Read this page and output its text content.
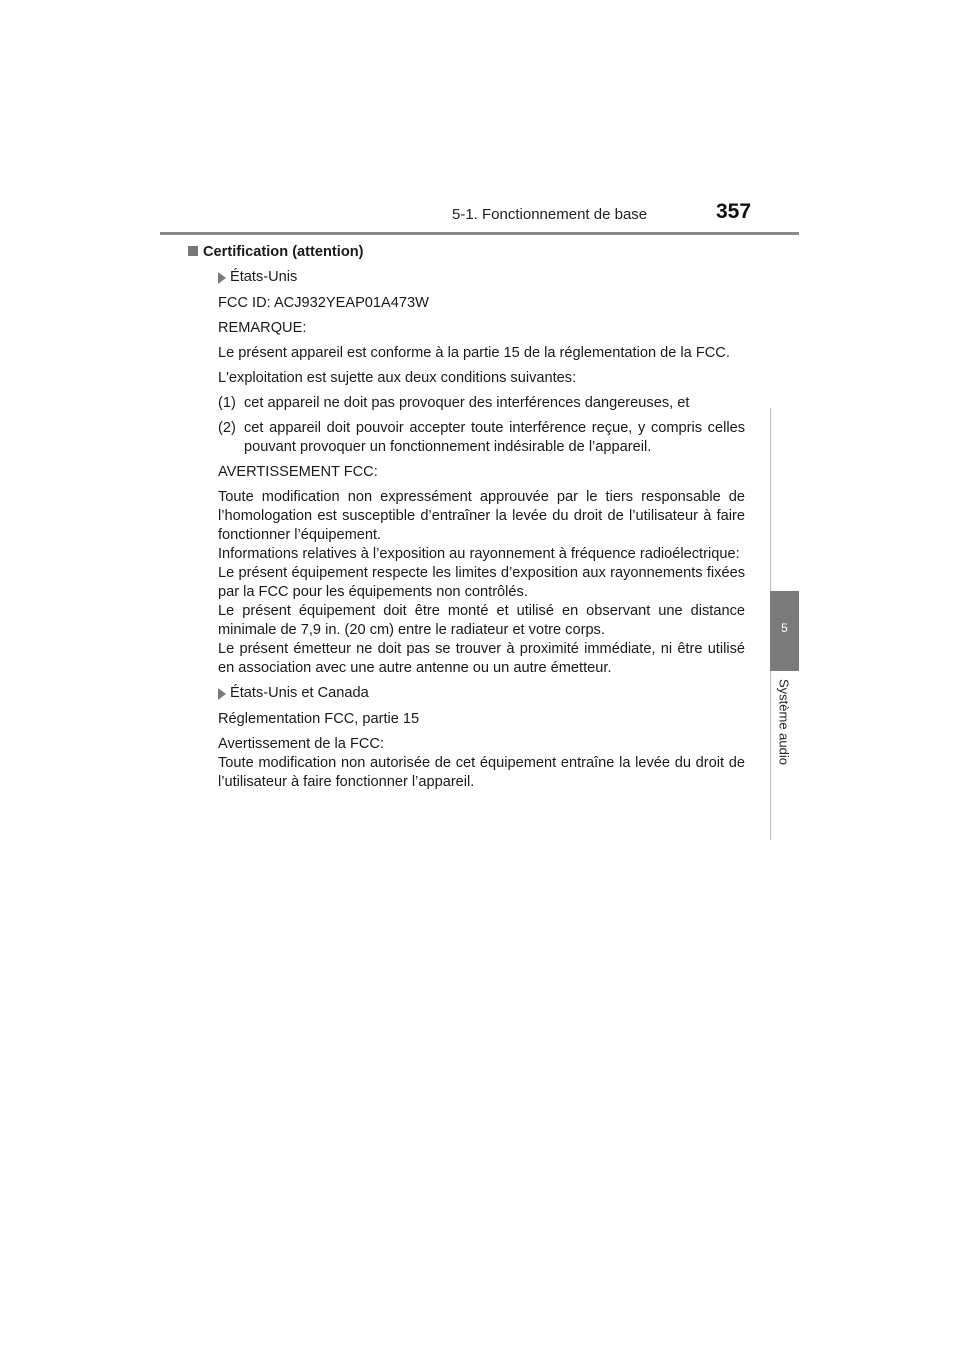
5-1. Fonctionnement de base	357
5
Système audio

Certification (attention)

États-Unis

FCC ID: ACJ932YEAP01A473W

REMARQUE:

Le présent appareil est conforme à la partie 15 de la réglementation de la FCC.

L'exploitation est sujette aux deux conditions suivantes:

(1) cet appareil ne doit pas provoquer des interférences dangereuses, et

(2) cet appareil doit pouvoir accepter toute interférence reçue, y compris celles pouvant provoquer un fonctionnement indésirable de l’appareil.

AVERTISSEMENT FCC:

Toute modification non expressément approuvée par le tiers responsable de l’homologation est susceptible d’entraîner la levée du droit de l’utilisateur à faire fonctionner l’équipement.

Informations relatives à l’exposition au rayonnement à fréquence radioélectrique:

Le présent équipement respecte les limites d’exposition aux rayonnements fixées par la FCC pour les équipements non contrôlés.

Le présent équipement doit être monté et utilisé en observant une distance minimale de 7,9 in. (20 cm) entre le radiateur et votre corps.

Le présent émetteur ne doit pas se trouver à proximité immédiate, ni être utilisé en association avec une autre antenne ou un autre émetteur.

États-Unis et Canada

Réglementation FCC, partie 15

Avertissement de la FCC:

Toute modification non autorisée de cet équipement entraîne la levée du droit de l’utilisateur à faire fonctionner l’appareil.
